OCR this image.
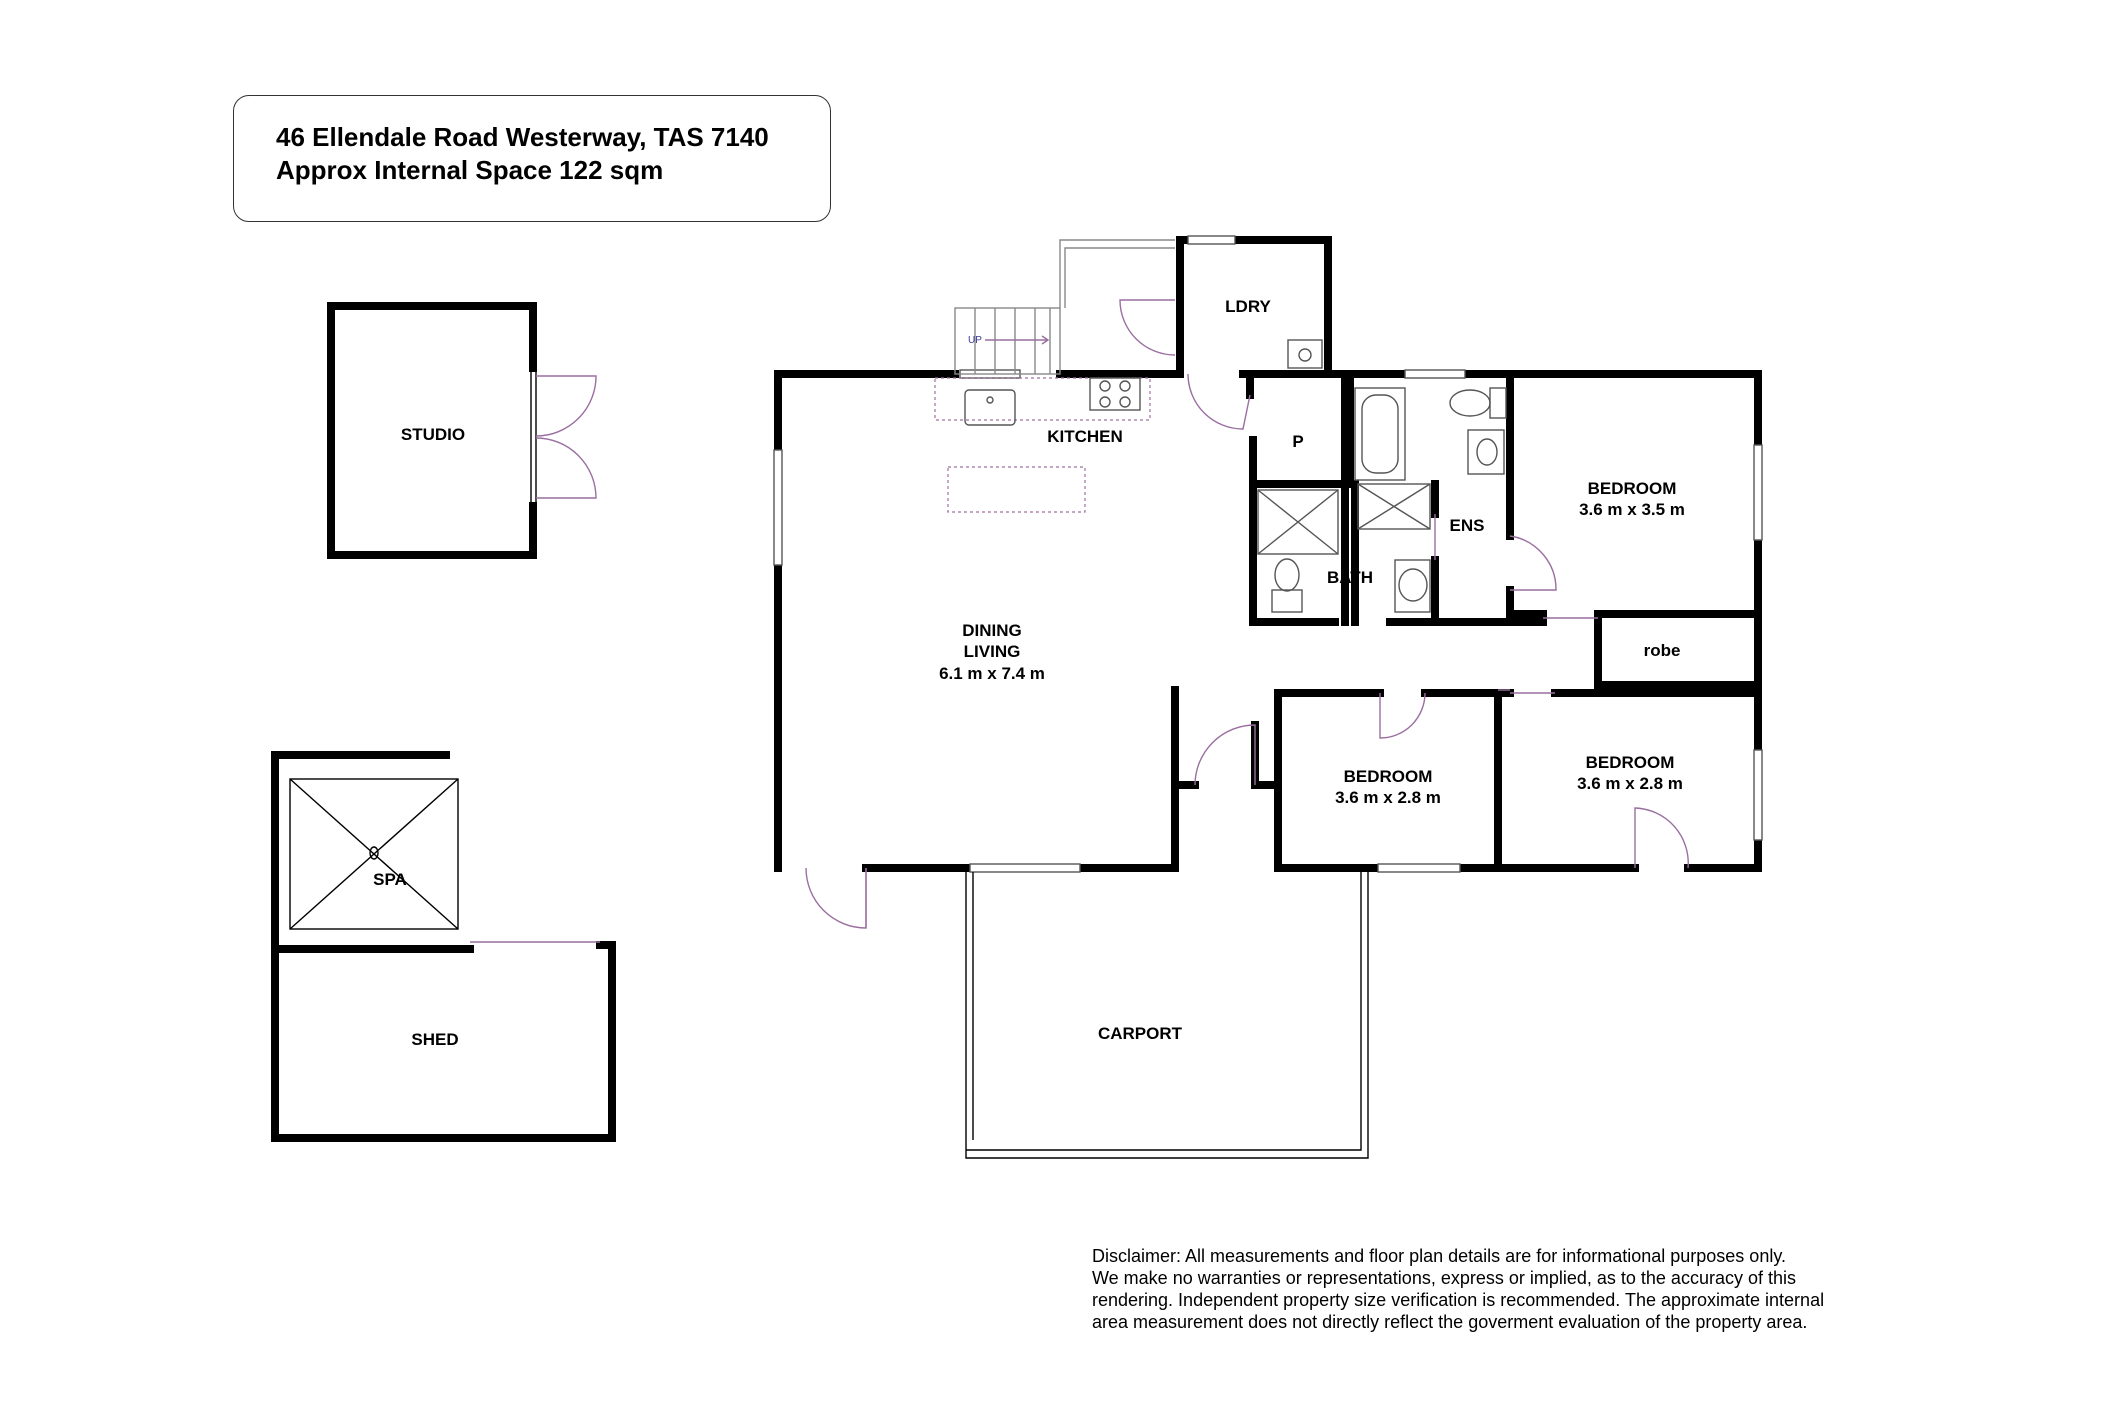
46 Ellendale Road Westerway, TAS 7140
Approx Internal Space 122 sqm
STUDIO
SPA
SHED
UP
CARPORT
LDRY
KITCHEN	P
ENS
BATH
BEDROOM
3.6 m x 3.5 m
robe
DINING
LIVING
6.1 m x 7.4 m
BEDROOM
3.6 m x 2.8 m
BEDROOM
3.6 m x 2.8 m
Disclaimer: All measurements and floor plan details are for informational purposes only.
We make no warranties or representations, express or implied, as to the accuracy of this
rendering. Independent property size verification is recommended. The approximate internal
area measurement does not directly reflect the goverment evaluation of the property area.
